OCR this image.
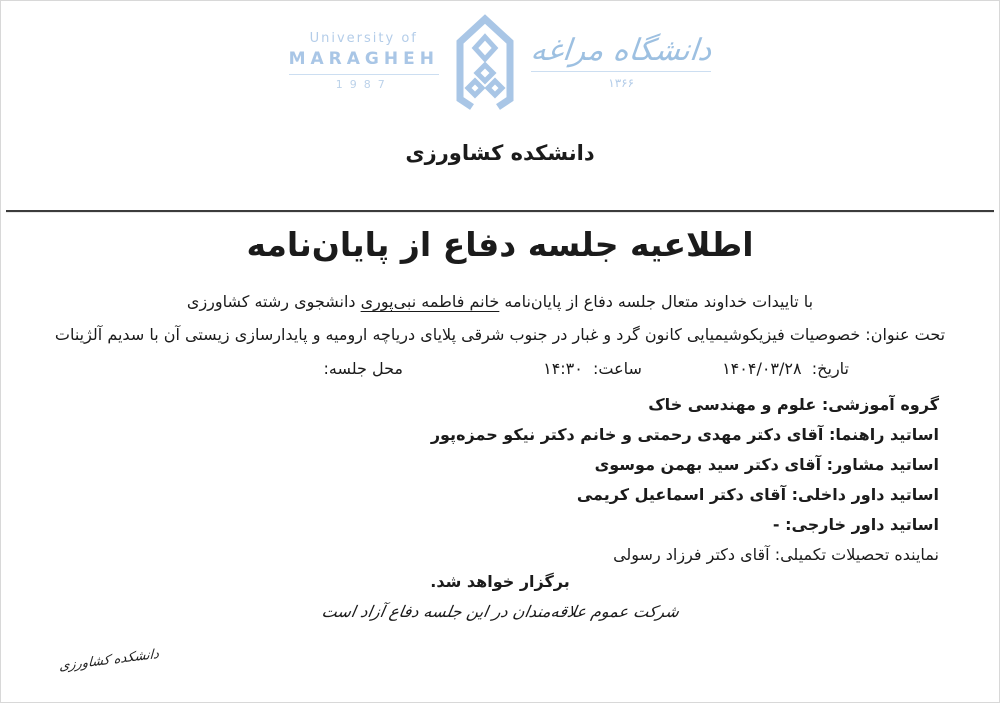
University of
MARAGHEH
1987
دانشگاه مراغه
۱۳۶۶
دانشکده کشاورزی
اطلاعیه جلسه دفاع از پایان‌نامه
با تاییدات خداوند متعال جلسه دفاع از پایان‌نامه خانم فاطمه نبی‌پوری دانشجوی رشته کشاورزی
تحت عنوان: خصوصیات فیزیکوشیمیایی کانون گرد و غبار در جنوب شرقی پلایای دریاچه ارومیه و پایدارسازی زیستی آن با سدیم آلژینات
تاریخ:  ۱۴۰۴/۰۳/۲۸ ساعت:  ۱۴:۳۰ محل جلسه:
گروه آموزشی: علوم و مهندسی خاک
اساتید راهنما: آقای دکتر مهدی رحمتی و خانم دکتر نیکو حمزه‌پور
اساتید مشاور: آقای دکتر سید بهمن موسوی
اساتید داور داخلی: آقای دکتر اسماعیل کریمی
اساتید داور خارجی: -
نماینده تحصیلات تکمیلی: آقای دکتر فرزاد رسولی
برگزار خواهد شد.
شرکت عموم علاقه‌مندان در این جلسه دفاع آزاد است
دانشکده کشاورزی
